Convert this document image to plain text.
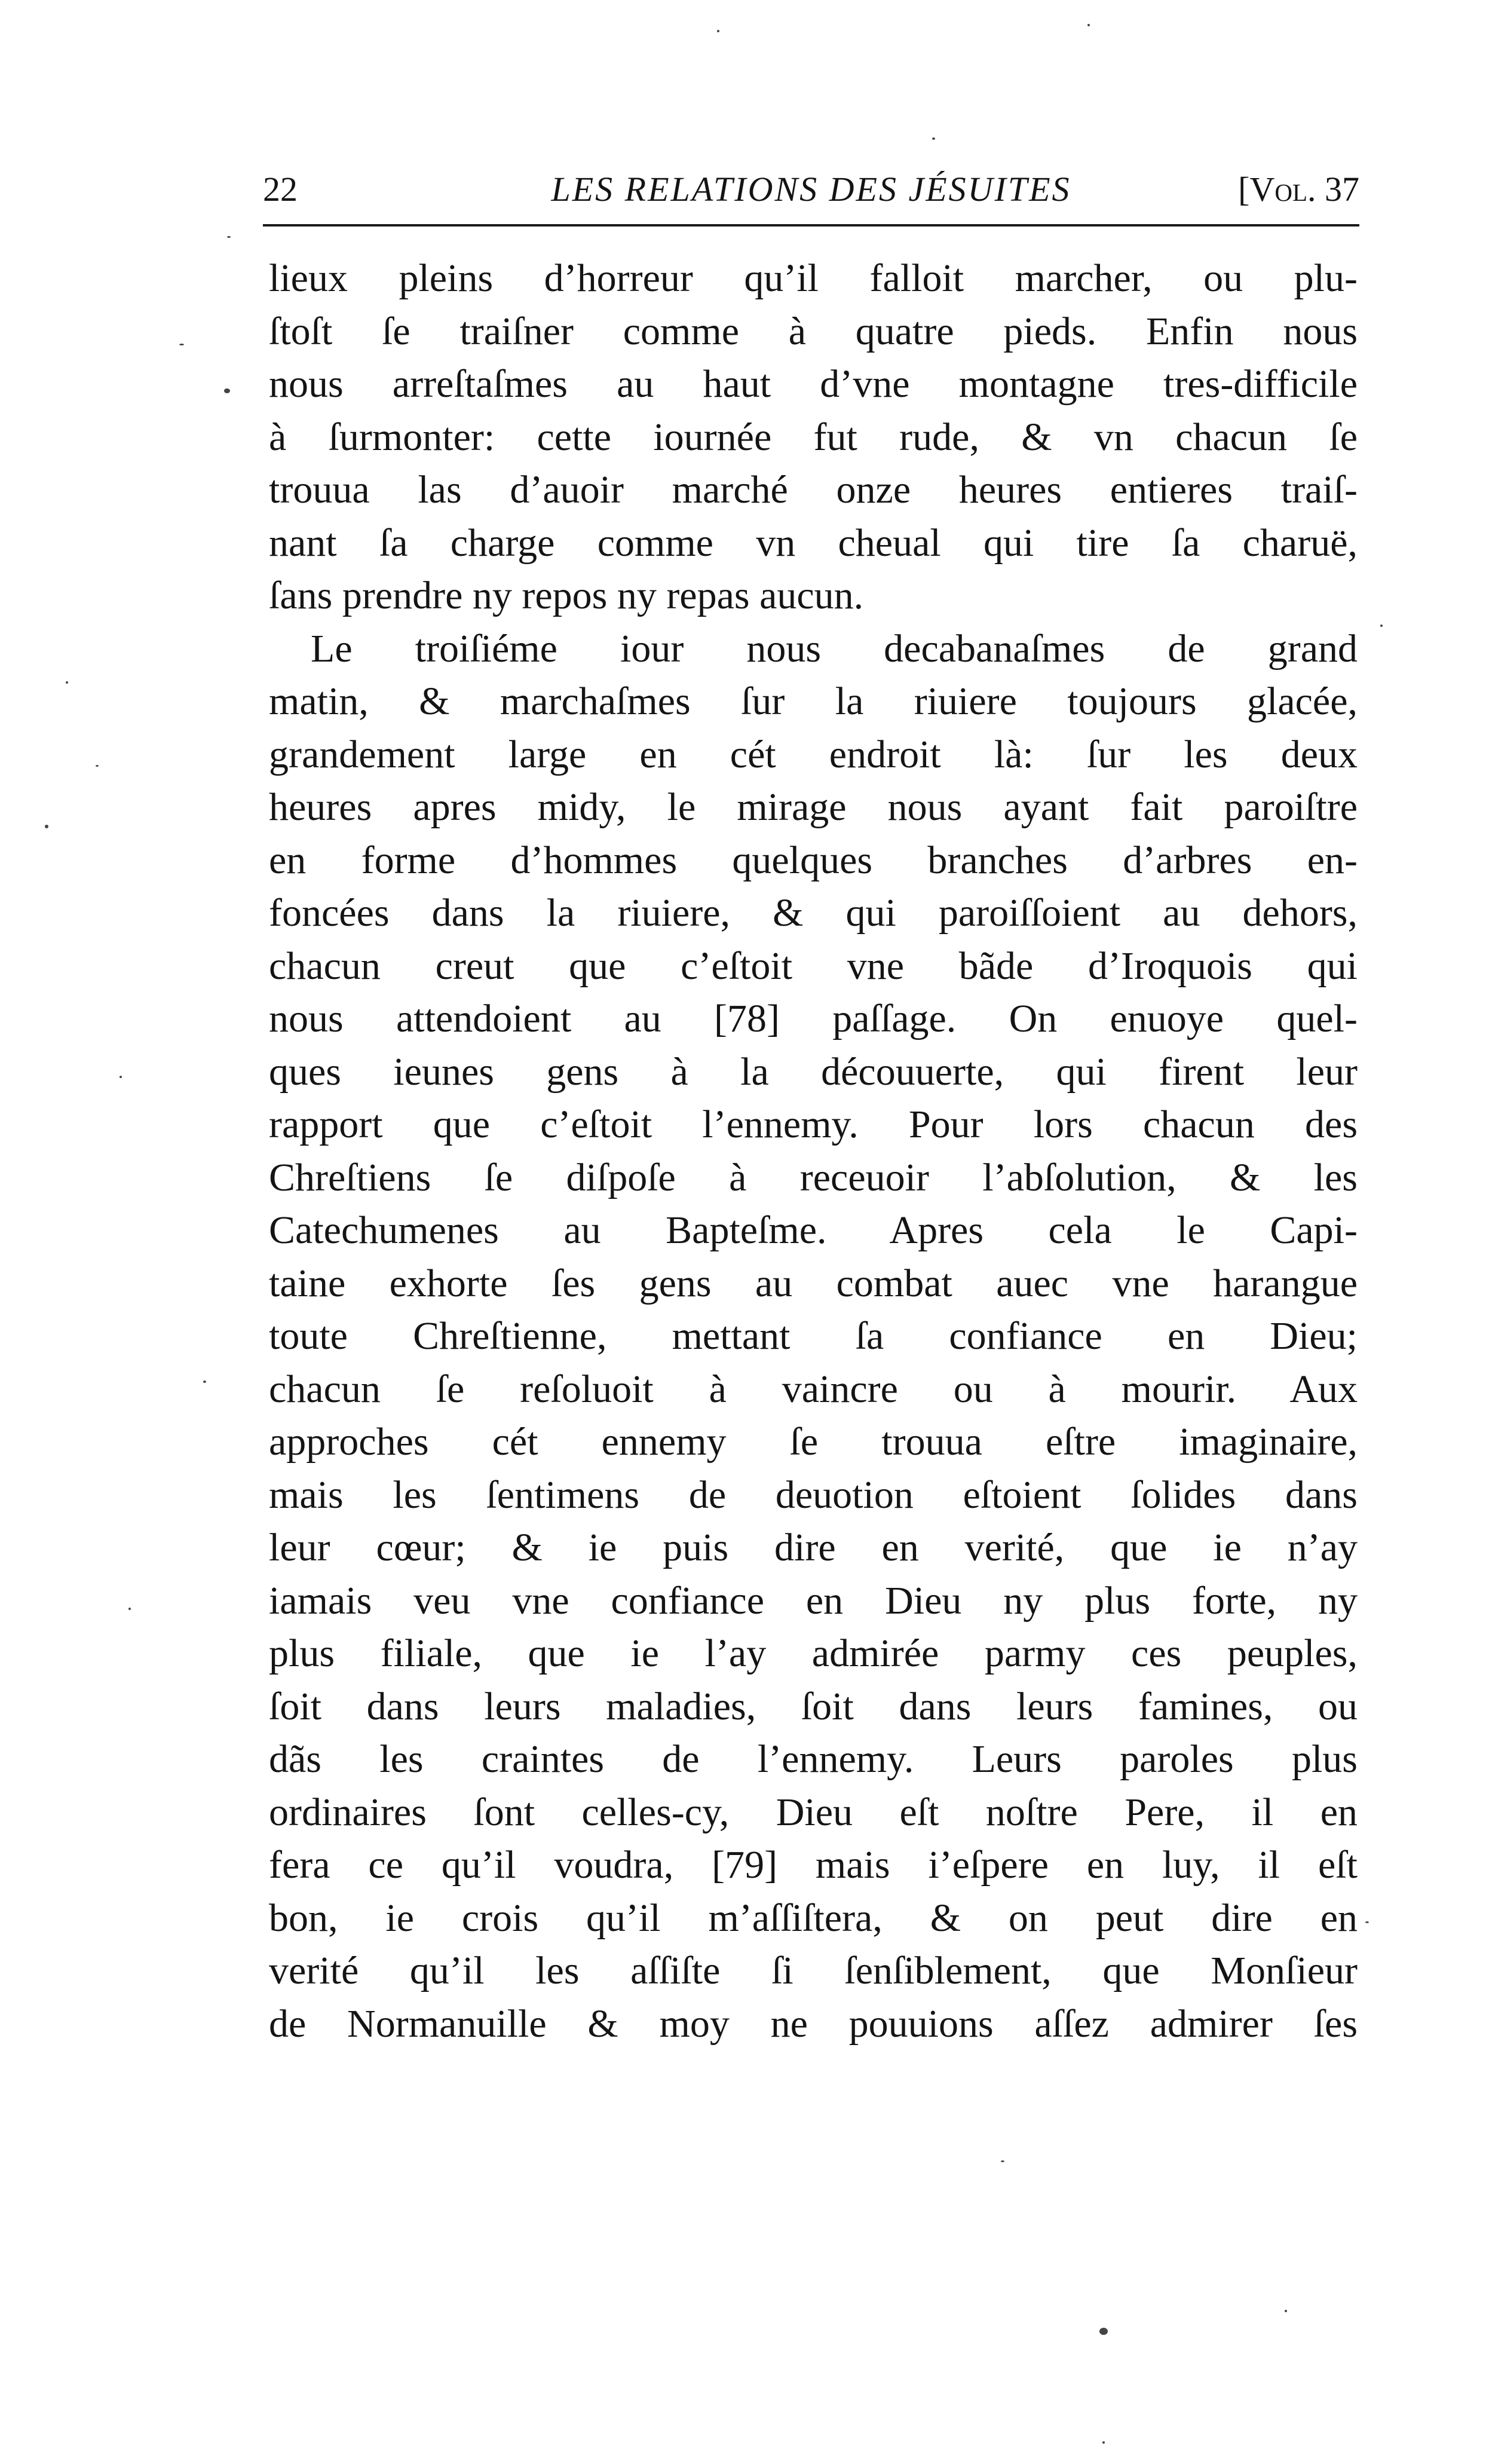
22	LES RELATIONS DES JÉSUITES	[Vol. 37
lieux pleins d’horreur qu’il falloit marcher, ou plu-
ſtoſt ſe traiſner comme à quatre pieds. Enfin nous
nous arreſtaſmes au haut d’vne montagne tres-difficile
à ſurmonter: cette iournée fut rude, & vn chacun ſe
trouua las d’auoir marché onze heures entieres traiſ-
nant ſa charge comme vn cheual qui tire ſa charuë,
ſans prendre ny repos ny repas aucun.
Le troiſiéme iour nous decabanaſmes de grand
matin, & marchaſmes ſur la riuiere toujours glacée,
grandement large en cét endroit là: ſur les deux
heures apres midy, le mirage nous ayant fait paroiſtre
en forme d’hommes quelques branches d’arbres en-
foncées dans la riuiere, & qui paroiſſoient au dehors,
chacun creut que c’eſtoit vne bãde d’Iroquois qui
nous attendoient au [78] paſſage. On enuoye quel-
ques ieunes gens à la découuerte, qui firent leur
rapport que c’eſtoit l’ennemy. Pour lors chacun des
Chreſtiens ſe diſpoſe à receuoir l’abſolution, & les
Catechumenes au Bapteſme. Apres cela le Capi-
taine exhorte ſes gens au combat auec vne harangue
toute Chreſtienne, mettant ſa confiance en Dieu;
chacun ſe reſoluoit à vaincre ou à mourir. Aux
approches cét ennemy ſe trouua eſtre imaginaire,
mais les ſentimens de deuotion eſtoient ſolides dans
leur cœur; & ie puis dire en verité, que ie n’ay
iamais veu vne confiance en Dieu ny plus forte, ny
plus filiale, que ie l’ay admirée parmy ces peuples,
ſoit dans leurs maladies, ſoit dans leurs famines, ou
dãs les craintes de l’ennemy. Leurs paroles plus
ordinaires ſont celles-cy, Dieu eſt noſtre Pere, il en
fera ce qu’il voudra, [79] mais i’eſpere en luy, il eſt
bon, ie crois qu’il m’aſſiſtera, & on peut dire en
verité qu’il les aſſiſte ſi ſenſiblement, que Monſieur
de Normanuille & moy ne pouuions aſſez admirer ſes
